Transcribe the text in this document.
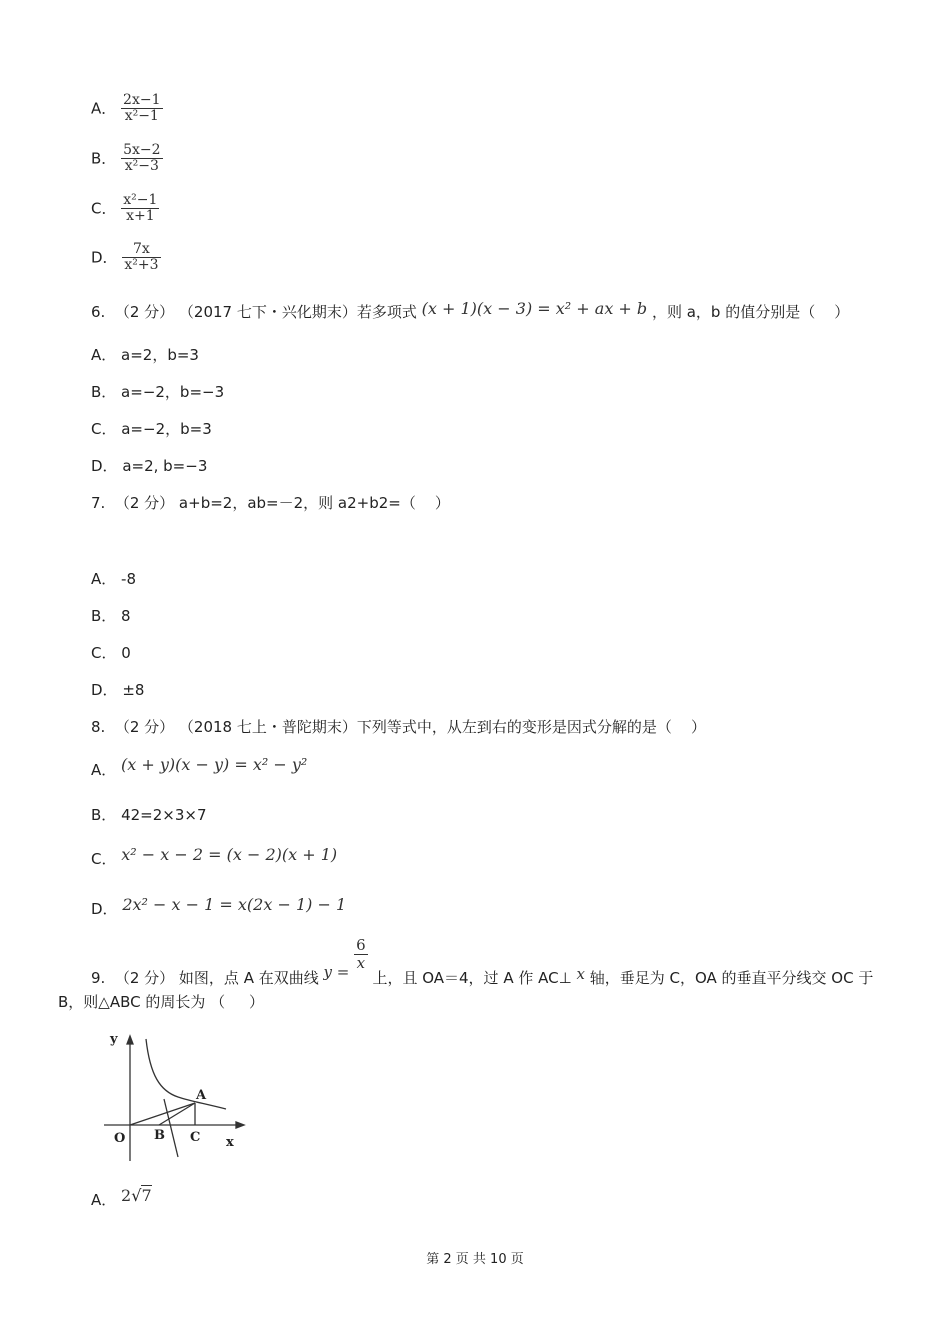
A． $\frac{2x-1}{\text{x²−1}}$
B． $\frac{5x-2}{\text{x²−3}}$
C． $\frac{\text{x²−1}}{x+1}$
D． $\frac{7x}{\text{x²+3}}$
6.  （2 分） （2017 七下・兴化期末）若多项式 (x + 1)(x − 3) = x² + ax + b ，则 a，b 的值分别是（    ）
A． a=2，b=3
B． a=−2，b=−3
C． a=−2，b=3
D． a=2, b=−3
7.  （2 分） a+b=2，ab=－2，则 a2+b2=（    ）
A． -8
B． 8
C． 0
D． ±8
8.  （2 分） （2018 七上・普陀期末）下列等式中，从左到右的变形是因式分解的是（    ）
A． (x + y)(x − y) = x² − y²
B． 42=2×3×7
C． x² − x − 2 = (x − 2)(x + 1)
D． 2x² − x − 1 = x(2x − 1) − 1
9.  （2 分） 如图，点 A 在双曲线 $y = \frac{6}{x}$
上，且 OA＝4，过 A 作 AC⊥ x 轴，垂足为 C，OA 的垂直平分线交 OC 于
B，则△ABC 的周长为 （     ）
y
x
O
A
B C
A． 2√7
第 2 页 共 10 页
